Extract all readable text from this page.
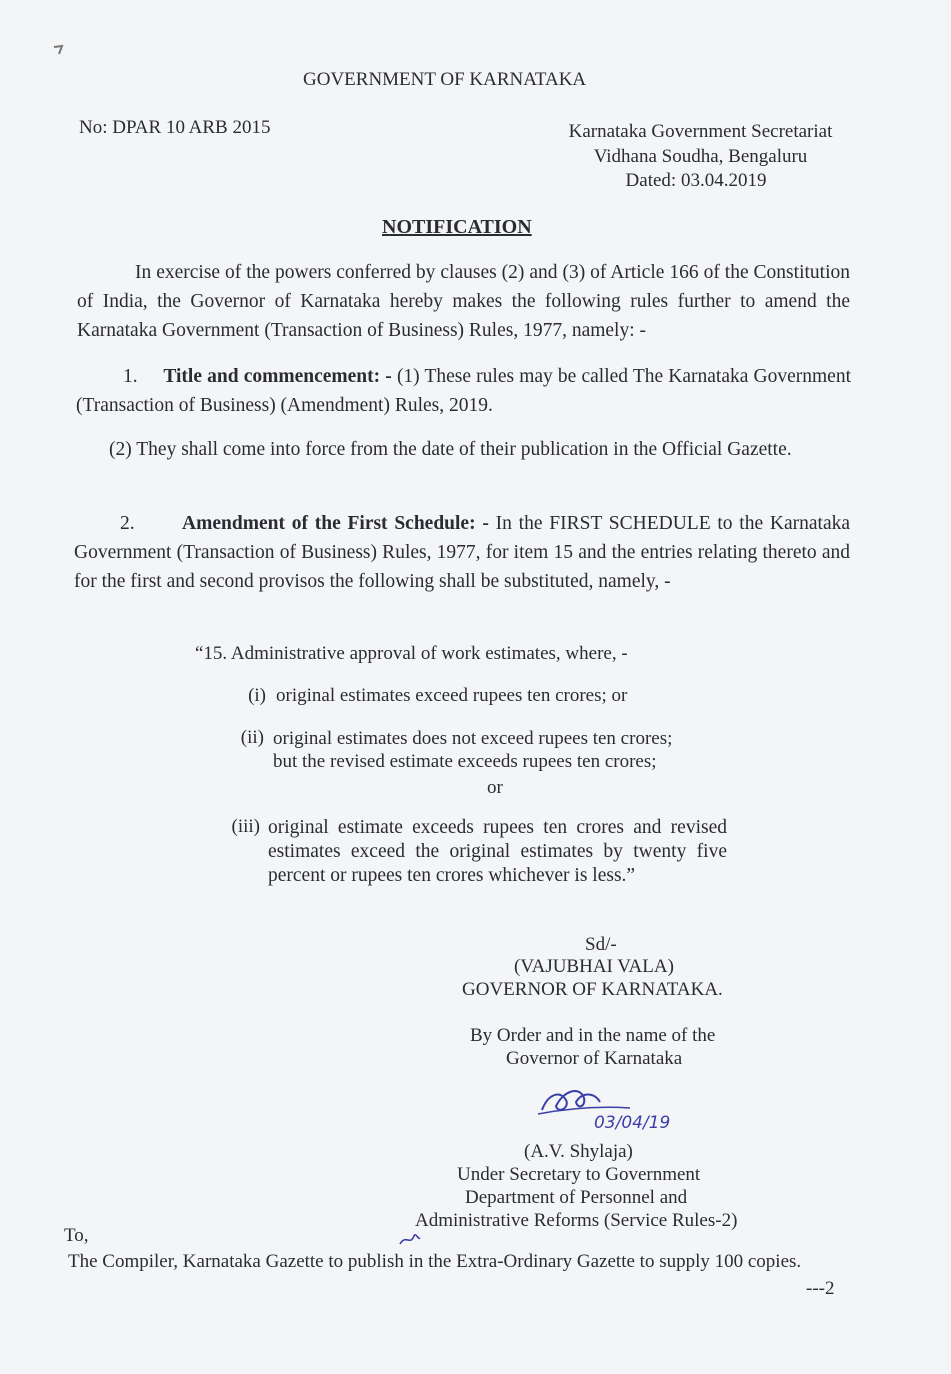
GOVERNMENT OF KARNATAKA
No: DPAR 10 ARB 2015	Karnataka Government Secretariat
Vidhana Soudha, Bengaluru
Dated: 03.04.2019
NOTIFICATION
In exercise of the powers conferred by clauses (2) and (3) of Article 166 of the Constitution of India, the Governor of Karnataka hereby makes the following rules further to amend the Karnataka Government (Transaction of Business) Rules, 1977, namely: -
1. Title and commencement: - (1) These rules may be called The Karnataka Government (Transaction of Business) (Amendment) Rules, 2019.
(2) They shall come into force from the date of their publication in the Official Gazette.
2. Amendment of the First Schedule: - In the FIRST SCHEDULE to the Karnataka Government (Transaction of Business) Rules, 1977, for item 15 and the entries relating thereto and for the first and second provisos the following shall be substituted, namely, -
“15. Administrative approval of work estimates, where, -
(i) original estimates exceed rupees ten crores; or
(ii) original estimates does not exceed rupees ten crores;
but the revised estimate exceeds rupees ten crores;
or
(iii) original estimate exceeds rupees ten crores and revised estimates exceed the original estimates by twenty five percent or rupees ten crores whichever is less.”
Sd/-
(VAJUBHAI VALA)
GOVERNOR OF KARNATAKA.
By Order and in the name of the
Governor of Karnataka
03/04/19
(A.V. Shylaja)
Under Secretary to Government
Department of Personnel and
Administrative Reforms (Service Rules-2)
To,
The Compiler, Karnataka Gazette to publish in the Extra-Ordinary Gazette to supply 100 copies.
---2
